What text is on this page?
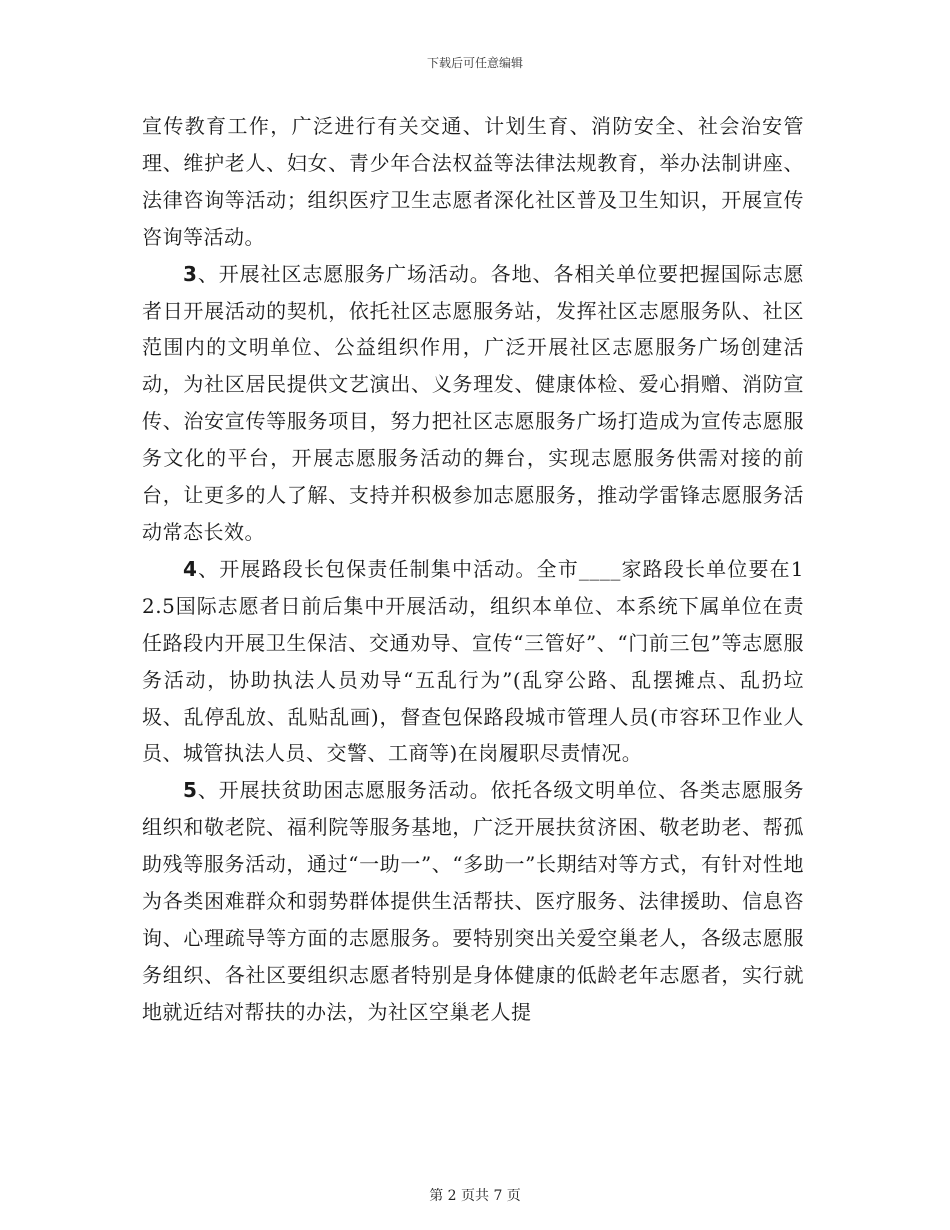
下载后可任意编辑

宣传教育工作，广泛进行有关交通、计划生育、消防安全、社会治安管理、维护老人、妇女、青少年合法权益等法律法规教育，举办法制讲座、法律咨询等活动；组织医疗卫生志愿者深化社区普及卫生知识，开展宣传咨询等活动。

3、开展社区志愿服务广场活动。各地、各相关单位要把握国际志愿者日开展活动的契机，依托社区志愿服务站，发挥社区志愿服务队、社区范围内的文明单位、公益组织作用，广泛开展社区志愿服务广场创建活动，为社区居民提供文艺演出、义务理发、健康体检、爱心捐赠、消防宣传、治安宣传等服务项目，努力把社区志愿服务广场打造成为宣传志愿服务文化的平台，开展志愿服务活动的舞台，实现志愿服务供需对接的前台，让更多的人了解、支持并积极参加志愿服务，推动学雷锋志愿服务活动常态长效。

4、开展路段长包保责任制集中活动。全市____家路段长单位要在12.5国际志愿者日前后集中开展活动，组织本单位、本系统下属单位在责任路段内开展卫生保洁、交通劝导、宣传“三管好”、“门前三包”等志愿服务活动，协助执法人员劝导“五乱行为”(乱穿公路、乱摆摊点、乱扔垃圾、乱停乱放、乱贴乱画)，督查包保路段城市管理人员(市容环卫作业人员、城管执法人员、交警、工商等)在岗履职尽责情况。

5、开展扶贫助困志愿服务活动。依托各级文明单位、各类志愿服务组织和敬老院、福利院等服务基地，广泛开展扶贫济困、敬老助老、帮孤助残等服务活动，通过“一助一”、“多助一”长期结对等方式，有针对性地为各类困难群众和弱势群体提供生活帮扶、医疗服务、法律援助、信息咨询、心理疏导等方面的志愿服务。要特别突出关爱空巢老人，各级志愿服务组织、各社区要组织志愿者特别是身体健康的低龄老年志愿者，实行就地就近结对帮扶的办法，为社区空巢老人提

第 2 页共 7 页
